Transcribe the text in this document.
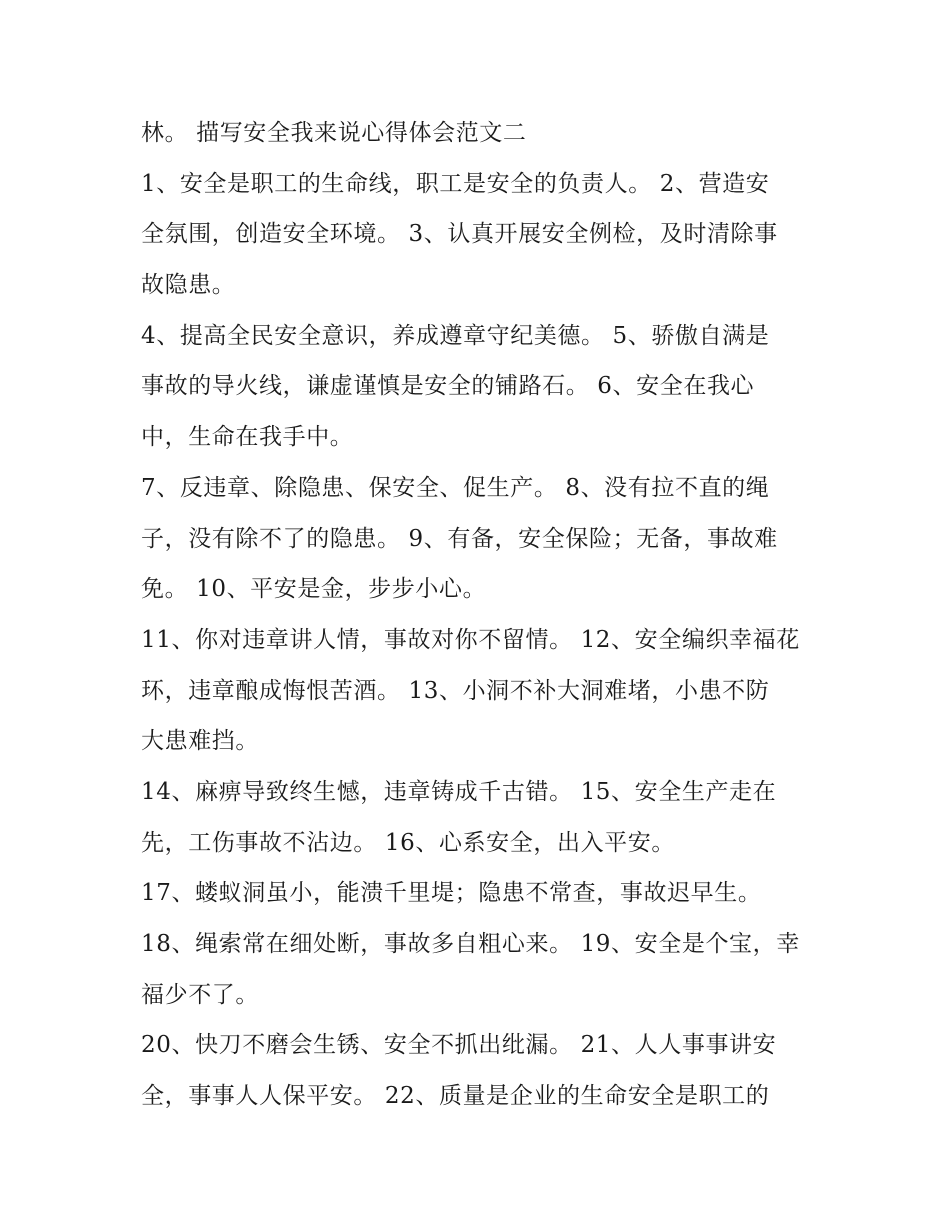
林。 描写安全我来说心得体会范文二
1、安全是职工的生命线，职工是安全的负责人。 2、营造安
全氛围，创造安全环境。 3、认真开展安全例检，及时清除事
故隐患。
4、提高全民安全意识，养成遵章守纪美德。 5、骄傲自满是
事故的导火线，谦虚谨慎是安全的铺路石。 6、安全在我心
中，生命在我手中。
7、反违章、除隐患、保安全、促生产。 8、没有拉不直的绳
子，没有除不了的隐患。 9、有备，安全保险；无备，事故难
免。 10、平安是金，步步小心。
11、你对违章讲人情，事故对你不留情。 12、安全编织幸福花
环，违章酿成悔恨苦酒。 13、小洞不补大洞难堵，小患不防
大患难挡。
14、麻痹导致终生憾，违章铸成千古错。 15、安全生产走在
先，工伤事故不沾边。 16、心系安全，出入平安。
17、蝼蚁洞虽小，能溃千里堤；隐患不常查，事故迟早生。
18、绳索常在细处断，事故多自粗心来。 19、安全是个宝，幸
福少不了。
20、快刀不磨会生锈、安全不抓出纰漏。 21、人人事事讲安
全，事事人人保平安。 22、质量是企业的生命安全是职工的
